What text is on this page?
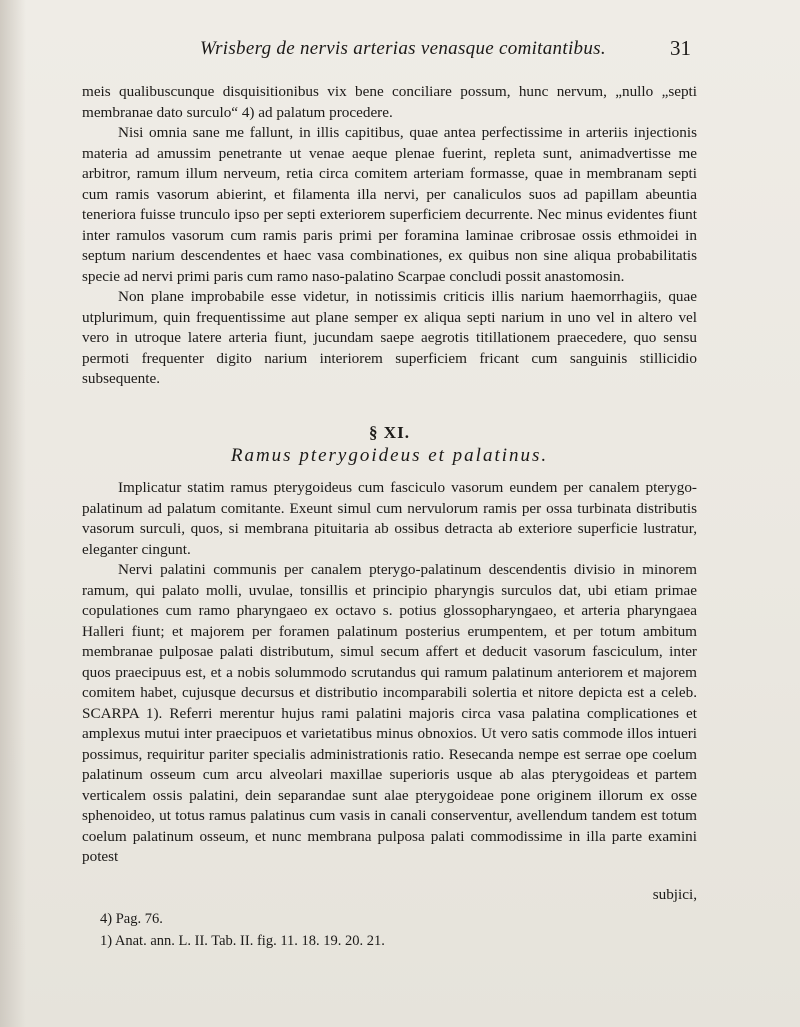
Wrisberg de nervis arterias venasque comitantibus.	31

meis qualibuscunque disquisitionibus vix bene conciliare possum, hunc nervum, „nullo „septi membranae dato surculo“ 4) ad palatum procedere.

Nisi omnia sane me fallunt, in illis capitibus, quae antea perfectissime in arteriis injectionis materia ad amussim penetrante ut venae aeque plenae fuerint, repleta sunt, animadvertisse me arbitror, ramum illum nerveum, retia circa comitem arteriam formasse, quae in membranam septi cum ramis vasorum abierint, et filamenta illa nervi, per canaliculos suos ad papillam abeuntia teneriora fuisse trunculo ipso per septi exteriorem superficiem decurrente. Nec minus evidentes fiunt inter ramulos vasorum cum ramis paris primi per foramina laminae cribrosae ossis ethmoidei in septum narium descendentes et haec vasa combinationes, ex quibus non sine aliqua probabilitatis specie ad nervi primi paris cum ramo naso-palatino Scarpae concludi possit anastomosin.

Non plane improbabile esse videtur, in notissimis criticis illis narium haemorrhagiis, quae utplurimum, quin frequentissime aut plane semper ex aliqua septi narium in uno vel in altero vel vero in utroque latere arteria fiunt, jucundam saepe aegrotis titillationem praecedere, quo sensu permoti frequenter digito narium interiorem superficiem fricant cum sanguinis stillicidio subsequente.

§ XI.
Ramus pterygoideus et palatinus.

Implicatur statim ramus pterygoideus cum fasciculo vasorum eundem per canalem pterygo-palatinum ad palatum comitante. Exeunt simul cum nervulorum ramis per ossa turbinata distributis vasorum surculi, quos, si membrana pituitaria ab ossibus detracta ab exteriore superficie lustratur, eleganter cingunt.

Nervi palatini communis per canalem pterygo-palatinum descendentis divisio in minorem ramum, qui palato molli, uvulae, tonsillis et principio pharyngis surculos dat, ubi etiam primae copulationes cum ramo pharyngaeo ex octavo s. potius glossopharyngaeo, et arteria pharyngaea Halleri fiunt; et majorem per foramen palatinum posterius erumpentem, et per totum ambitum membranae pulposae palati distributum, simul secum affert et deducit vasorum fasciculum, inter quos praecipuus est, et a nobis solummodo scrutandus qui ramum palatinum anteriorem et majorem comitem habet, cujusque decursus et distributio incomparabili solertia et nitore depicta est a celeb. SCARPA 1). Referri merentur hujus rami palatini majoris circa vasa palatina complicationes et amplexus mutui inter praecipuos et varietatibus minus obnoxios. Ut vero satis commode illos intueri possimus, requiritur pariter specialis administrationis ratio. Resecanda nempe est serrae ope coelum palatinum osseum cum arcu alveolari maxillae superioris usque ab alas pterygoideas et partem verticalem ossis palatini, dein separandae sunt alae pterygoideae pone originem illorum ex osse sphenoideo, ut totus ramus palatinus cum vasis in canali conserventur, avellendum tandem est totum coelum palatinum osseum, et nunc membrana pulposa palati commodissime in illa parte examini potest

subjici,
4) Pag. 76.
1) Anat. ann. L. II. Tab. II. fig. 11. 18. 19. 20. 21.
